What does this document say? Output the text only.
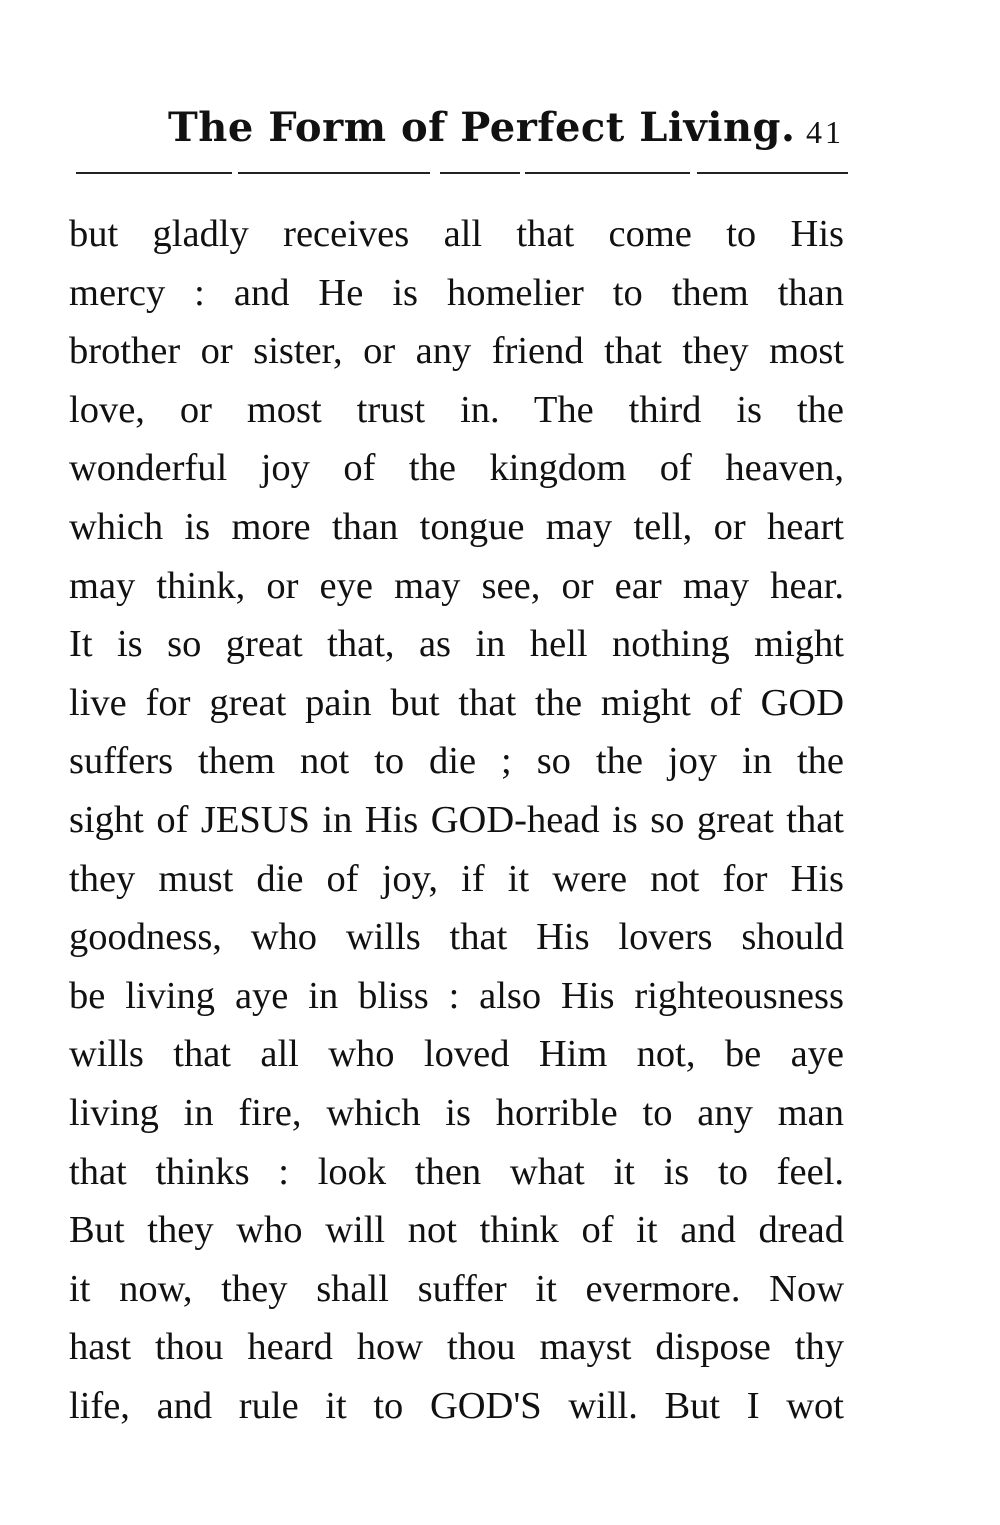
The Form of Perfect Living. 41
but gladly receives all that come to His
mercy : and He is homelier to them than
brother or sister, or any friend that they most
love, or most trust in. The third is the
wonderful joy of the kingdom of heaven,
which is more than tongue may tell, or heart
may think, or eye may see, or ear may hear.
It is so great that, as in hell nothing might
live for great pain but that the might of GOD
suffers them not to die ; so the joy in the
sight of JESUS in His GOD-head is so great that
they must die of joy, if it were not for His
goodness, who wills that His lovers should
be living aye in bliss : also His righteousness
wills that all who loved Him not, be aye
living in fire, which is horrible to any man
that thinks : look then what it is to feel.
But they who will not think of it and dread
it now, they shall suffer it evermore. Now
hast thou heard how thou mayst dispose thy
life, and rule it to GOD'S will. But I wot
